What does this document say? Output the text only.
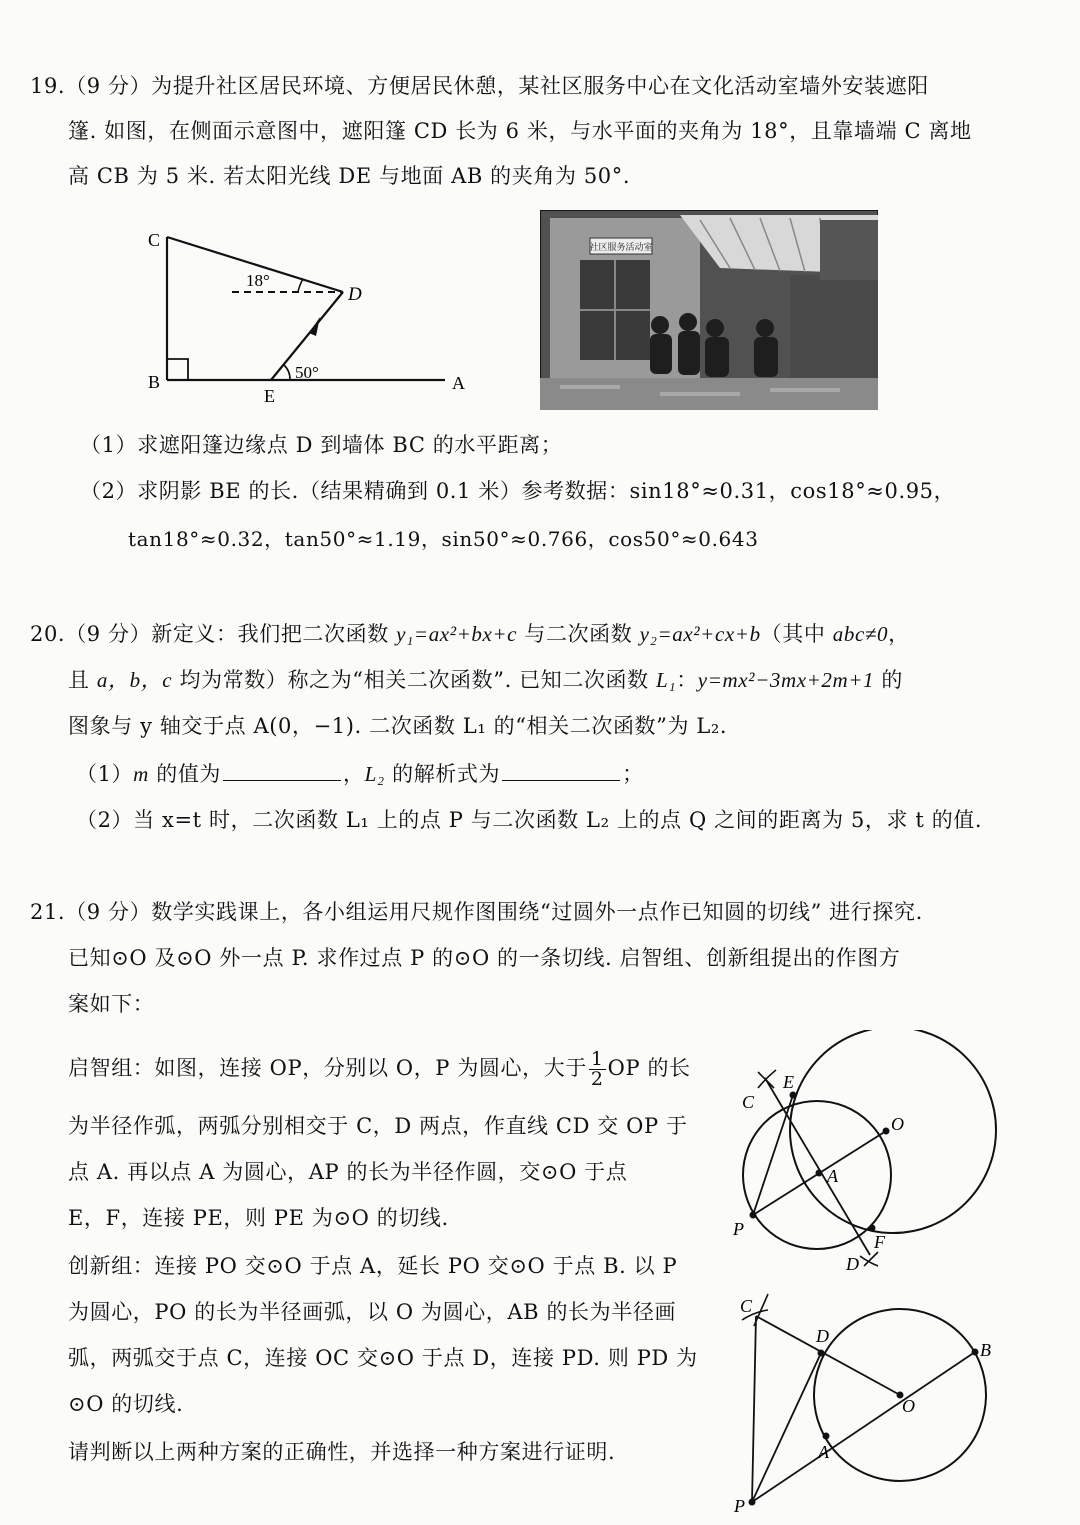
19.（9 分）为提升社区居民环境、方便居民休憩，某社区服务中心在文化活动室墙外安装遮阳
篷. 如图，在侧面示意图中，遮阳篷 CD 长为 6 米，与水平面的夹角为 18°，且靠墙端 C 离地
高 CB 为 5 米. 若太阳光线 DE 与地面 AB 的夹角为 50°.
C
B
E
A
D
18°
50°
社区服务活动室
（1）求遮阳篷边缘点 D 到墙体 BC 的水平距离；
（2）求阴影 BE 的长.（结果精确到 0.1 米）参考数据：sin18°≈0.31，cos18°≈0.95，
tan18°≈0.32，tan50°≈1.19，sin50°≈0.766，cos50°≈0.643
20.（9 分）新定义：我们把二次函数 y₁=ax²+bx+c 与二次函数 y₂=ax²+cx+b（其中 abc≠0，
且 a，b，c 均为常数）称之为“相关二次函数”. 已知二次函数 L₁：y=mx²−3mx+2m+1 的
图象与 y 轴交于点 A(0，−1). 二次函数 L₁ 的“相关二次函数”为 L₂.
（1）m 的值为	，L₂ 的解析式为	；
（2）当 x=t 时，二次函数 L₁ 上的点 P 与二次函数 L₂ 上的点 Q 之间的距离为 5，求 t 的值.
21.（9 分）数学实践课上，各小组运用尺规作图围绕“过圆外一点作已知圆的切线” 进行探究.
已知⊙O 及⊙O 外一点 P. 求作过点 P 的⊙O 的一条切线. 启智组、创新组提出的作图方
案如下：
启智组：如图，连接 OP，分别以 O，P 为圆心，大于 $\frac{1}{2}$ OP 的长
为半径作弧，两弧分别相交于 C，D 两点，作直线 CD 交 OP 于
点 A. 再以点 A 为圆心，AP 的长为半径作圆，交⊙O 于点
E，F，连接 PE，则 PE 为⊙O 的切线.
创新组：连接 PO 交⊙O 于点 A，延长 PO 交⊙O 于点 B. 以 P
为圆心，PO 的长为半径画弧，以 O 为圆心，AB 的长为半径画
弧，两弧交于点 C，连接 OC 交⊙O 于点 D，连接 PD. 则 PD 为
⊙O 的切线.
请判断以上两种方案的正确性，并选择一种方案进行证明.
E
C
O
A
P
D
F
C
D
B
O
A
P
